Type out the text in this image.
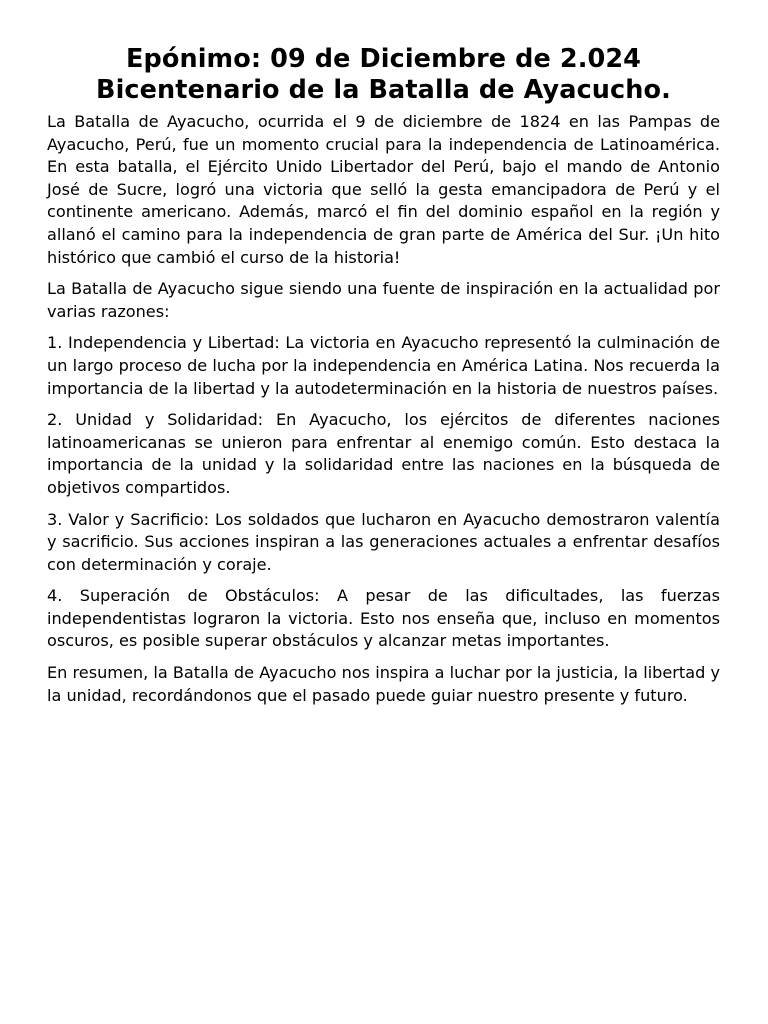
Epónimo: 09 de Diciembre de 2.024
Bicentenario de la Batalla de Ayacucho.

La Batalla de Ayacucho, ocurrida el 9 de diciembre de 1824 en las Pampas de Ayacucho, Perú, fue un momento crucial para la independencia de Latinoamérica. En esta batalla, el Ejército Unido Libertador del Perú, bajo el mando de Antonio José de Sucre, logró una victoria que selló la gesta emancipadora de Perú y el continente americano. Además, marcó el fin del dominio español en la región y allanó el camino para la independencia de gran parte de América del Sur. ¡Un hito histórico que cambió el curso de la historia!

La Batalla de Ayacucho sigue siendo una fuente de inspiración en la actualidad por varias razones:

1. Independencia y Libertad: La victoria en Ayacucho representó la culminación de un largo proceso de lucha por la independencia en América Latina. Nos recuerda la importancia de la libertad y la autodeterminación en la historia de nuestros países.

2. Unidad y Solidaridad: En Ayacucho, los ejércitos de diferentes naciones latinoamericanas se unieron para enfrentar al enemigo común. Esto destaca la importancia de la unidad y la solidaridad entre las naciones en la búsqueda de objetivos compartidos.

3. Valor y Sacrificio: Los soldados que lucharon en Ayacucho demostraron valentía y sacrificio. Sus acciones inspiran a las generaciones actuales a enfrentar desafíos con determinación y coraje.

4. Superación de Obstáculos: A pesar de las dificultades, las fuerzas independentistas lograron la victoria. Esto nos enseña que, incluso en momentos oscuros, es posible superar obstáculos y alcanzar metas importantes.

En resumen, la Batalla de Ayacucho nos inspira a luchar por la justicia, la libertad y la unidad, recordándonos que el pasado puede guiar nuestro presente y futuro.
